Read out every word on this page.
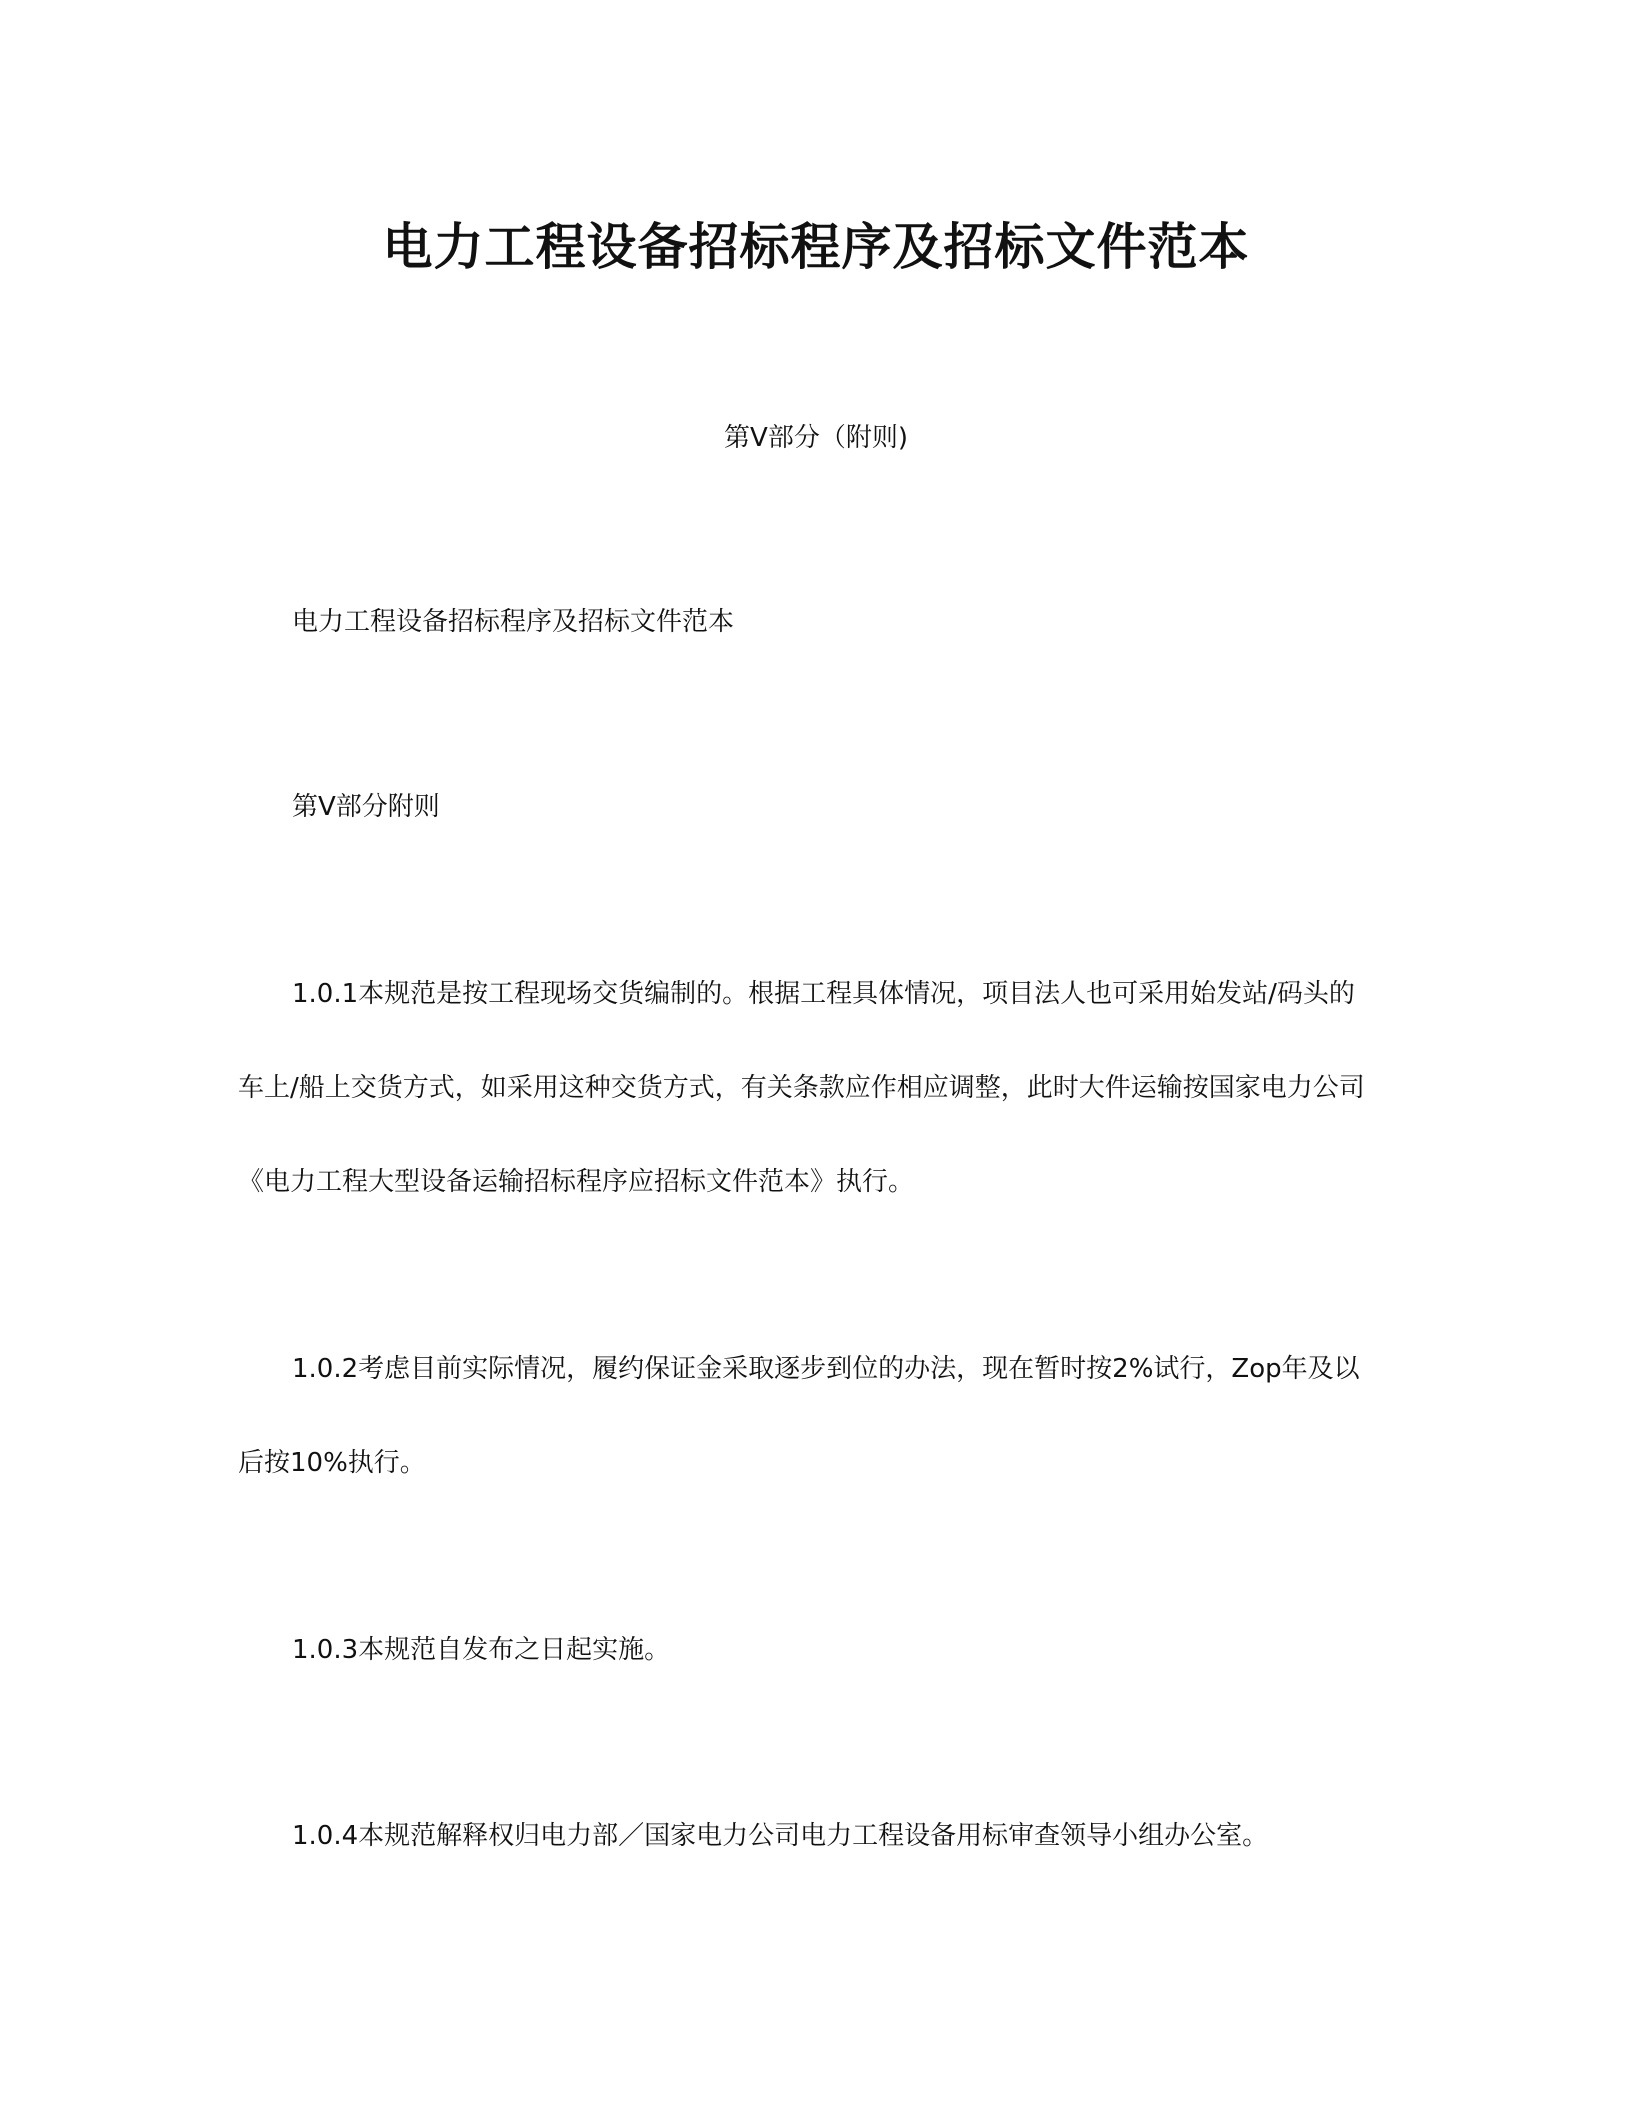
电力工程设备招标程序及招标文件范本

第Ⅴ部分（附则)

电力工程设备招标程序及招标文件范本

第Ⅴ部分附则

1.0.1本规范是按工程现场交货编制的。根据工程具体情况，项目法人也可采用始发站/码头的车上/船上交货方式，如采用这种交货方式，有关条款应作相应调整，此时大件运输按国家电力公司《电力工程大型设备运输招标程序应招标文件范本》执行。

1.0.2考虑目前实际情况，履约保证金采取逐步到位的办法，现在暂时按2%试行，Zop年及以后按10%执行。

1.0.3本规范自发布之日起实施。

1.0.4本规范解释权归电力部／国家电力公司电力工程设备用标审查领导小组办公室。
